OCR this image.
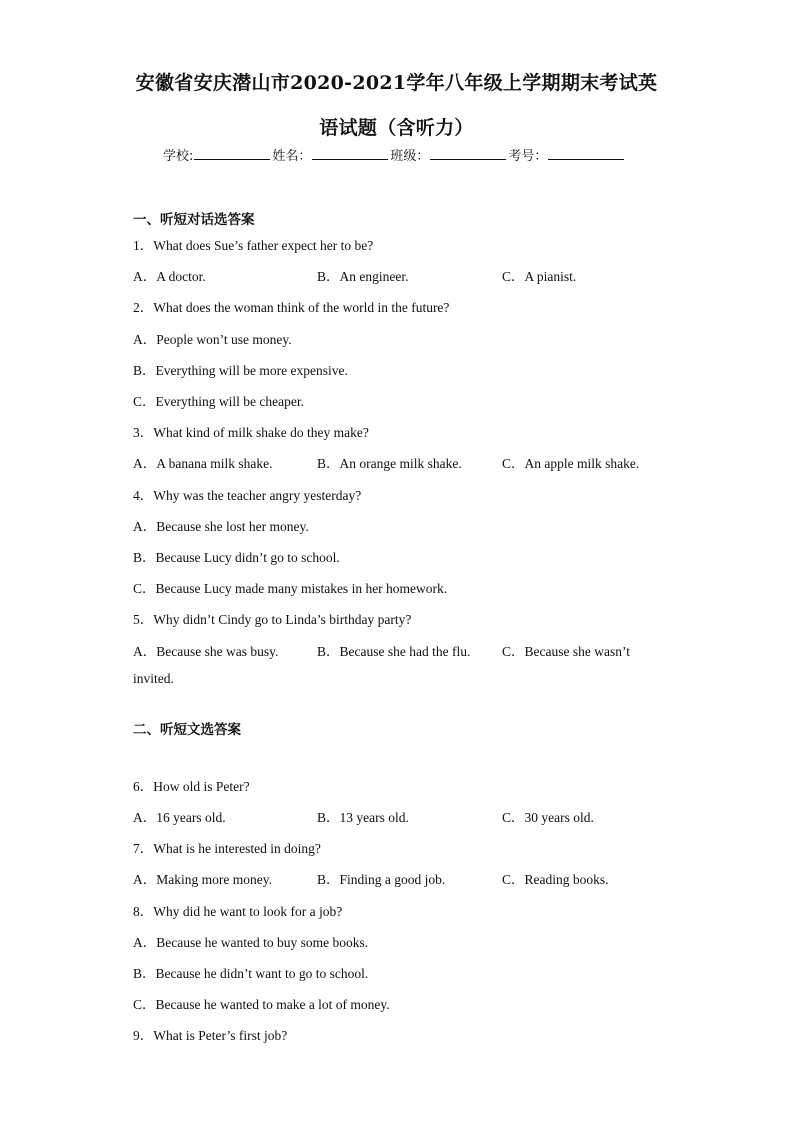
安徽省安庆潜山市2020-2021学年八年级上学期期末考试英
语试题（含听力）
学校:	姓名：	班级：	考号：
一、听短对话选答案
1．What does Sue’s father expect her to be?
A．A doctor.	B．An engineer.	C．A pianist.
2．What does the woman think of the world in the future?
A．People won’t use money.
B．Everything will be more expensive.
C．Everything will be cheaper.
3．What kind of milk shake do they make?
A．A banana milk shake.	B．An orange milk shake.	C．An apple milk shake.
4．Why was the teacher angry yesterday?
A．Because she lost her money.
B．Because Lucy didn’t go to school.
C．Because Lucy made many mistakes in her homework.
5．Why didn’t Cindy go to Linda’s birthday party?
A．Because she was busy.	B．Because she had the flu. C．Because she wasn’t
invited.
二、听短文选答案
6．How old is Peter?
A．16 years old.	B．13 years old.	C．30 years old.
7．What is he interested in doing?
A．Making more money.	B．Finding a good job.	C．Reading books.
8．Why did he want to look for a job?
A．Because he wanted to buy some books.
B．Because he didn’t want to go to school.
C．Because he wanted to make a lot of money.
9．What is Peter’s first job?
